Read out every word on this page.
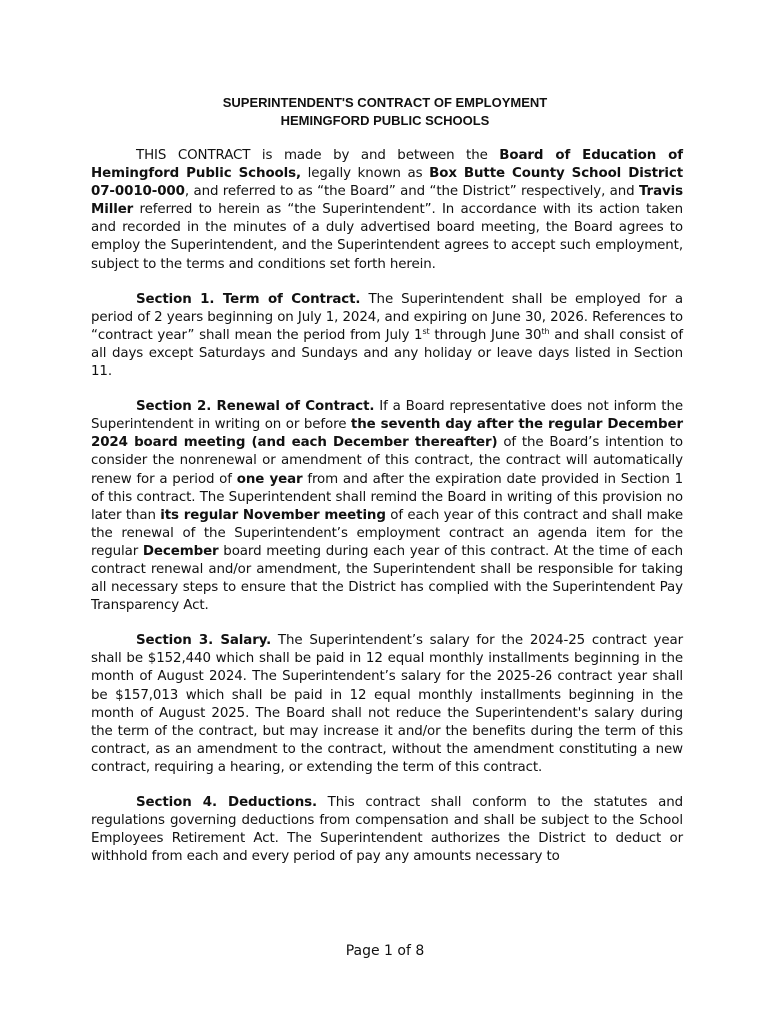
SUPERINTENDENT'S CONTRACT OF EMPLOYMENT
HEMINGFORD PUBLIC SCHOOLS

THIS CONTRACT is made by and between the Board of Education of Hemingford Public Schools, legally known as Box Butte County School District 07-0010-000, and referred to as “the Board” and “the District” respectively, and Travis Miller referred to herein as “the Superintendent”. In accordance with its action taken and recorded in the minutes of a duly advertised board meeting, the Board agrees to employ the Superintendent, and the Superintendent agrees to accept such employment, subject to the terms and conditions set forth herein.

Section 1. Term of Contract. The Superintendent shall be employed for a period of 2 years beginning on July 1, 2024, and expiring on June 30, 2026. References to “contract year” shall mean the period from July 1st through June 30th and shall consist of all days except Saturdays and Sundays and any holiday or leave days listed in Section 11.

Section 2. Renewal of Contract. If a Board representative does not inform the Superintendent in writing on or before the seventh day after the regular December 2024 board meeting (and each December thereafter) of the Board’s intention to consider the nonrenewal or amendment of this contract, the contract will automatically renew for a period of one year from and after the expiration date provided in Section 1 of this contract. The Superintendent shall remind the Board in writing of this provision no later than its regular November meeting of each year of this contract and shall make the renewal of the Superintendent’s employment contract an agenda item for the regular December board meeting during each year of this contract. At the time of each contract renewal and/or amendment, the Superintendent shall be responsible for taking all necessary steps to ensure that the District has complied with the Superintendent Pay Transparency Act.

Section 3. Salary. The Superintendent’s salary for the 2024-25 contract year shall be $152,440 which shall be paid in 12 equal monthly installments beginning in the month of August 2024. The Superintendent’s salary for the 2025-26 contract year shall be $157,013 which shall be paid in 12 equal monthly installments beginning in the month of August 2025. The Board shall not reduce the Superintendent's salary during the term of the contract, but may increase it and/or the benefits during the term of this contract, as an amendment to the contract, without the amendment constituting a new contract, requiring a hearing, or extending the term of this contract.

Section 4. Deductions. This contract shall conform to the statutes and regulations governing deductions from compensation and shall be subject to the School Employees Retirement Act. The Superintendent authorizes the District to deduct or withhold from each and every period of pay any amounts necessary to

Page 1 of 8
